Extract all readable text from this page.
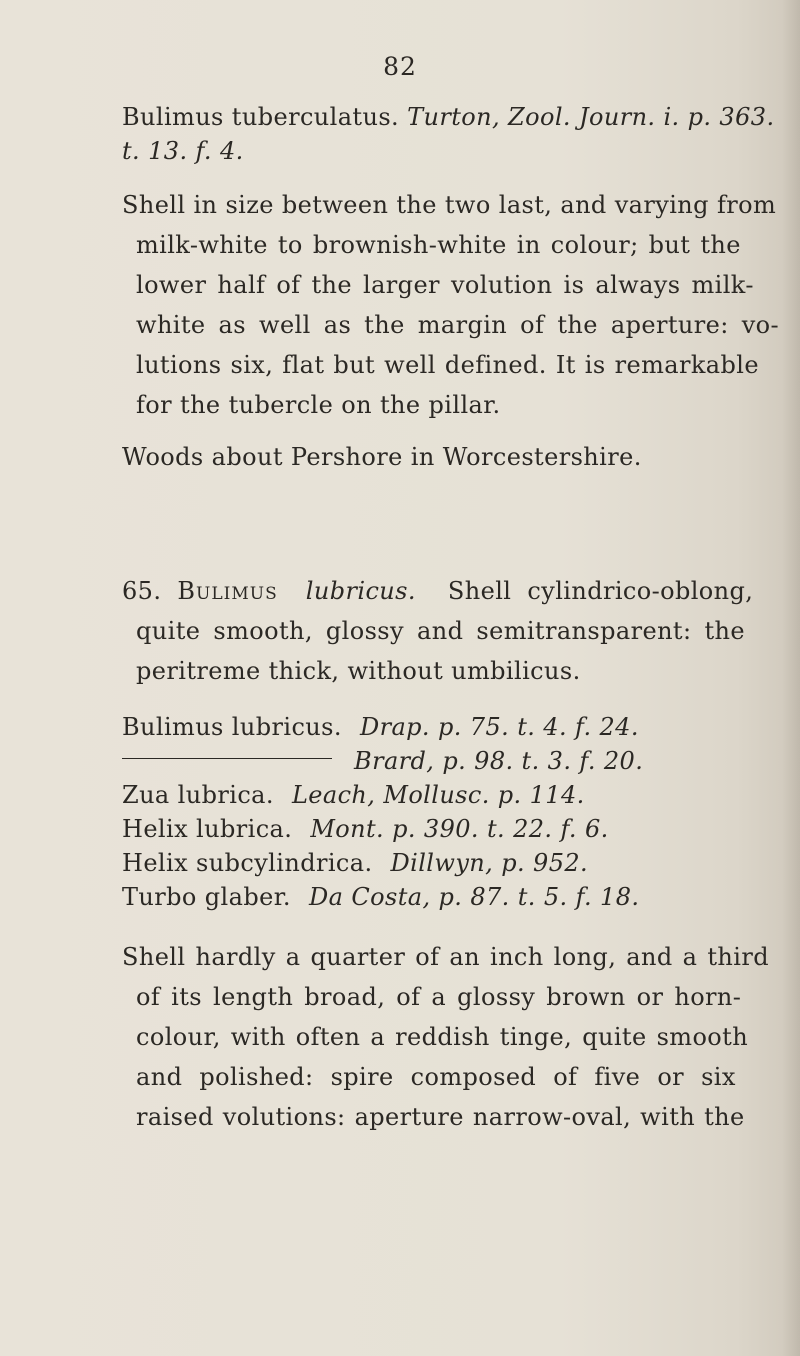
82
Bulimus tuberculatus. Turton, Zool. Journ. i. p. 363.
t. 13. f. 4.
Shell in size between the two last, and varying from
milk-white to brownish-white in colour; but the
lower half of the larger volution is always milk-
white as well as the margin of the aperture: vo-
lutions six, flat but well defined. It is remarkable
for the tubercle on the pillar.
Woods about Pershore in Worcestershire.
65. Bulimus lubricus. Shell cylindrico-oblong,
quite smooth, glossy and semitransparent: the
peritreme thick, without umbilicus.
Bulimus lubricus. Drap. p. 75. t. 4. f. 24.
Brard, p. 98. t. 3. f. 20.
Zua lubrica. Leach, Mollusc. p. 114.
Helix lubrica. Mont. p. 390. t. 22. f. 6.
Helix subcylindrica. Dillwyn, p. 952.
Turbo glaber. Da Costa, p. 87. t. 5. f. 18.
Shell hardly a quarter of an inch long, and a third
of its length broad, of a glossy brown or horn-
colour, with often a reddish tinge, quite smooth
and polished: spire composed of five or six
raised volutions: aperture narrow-oval, with the
